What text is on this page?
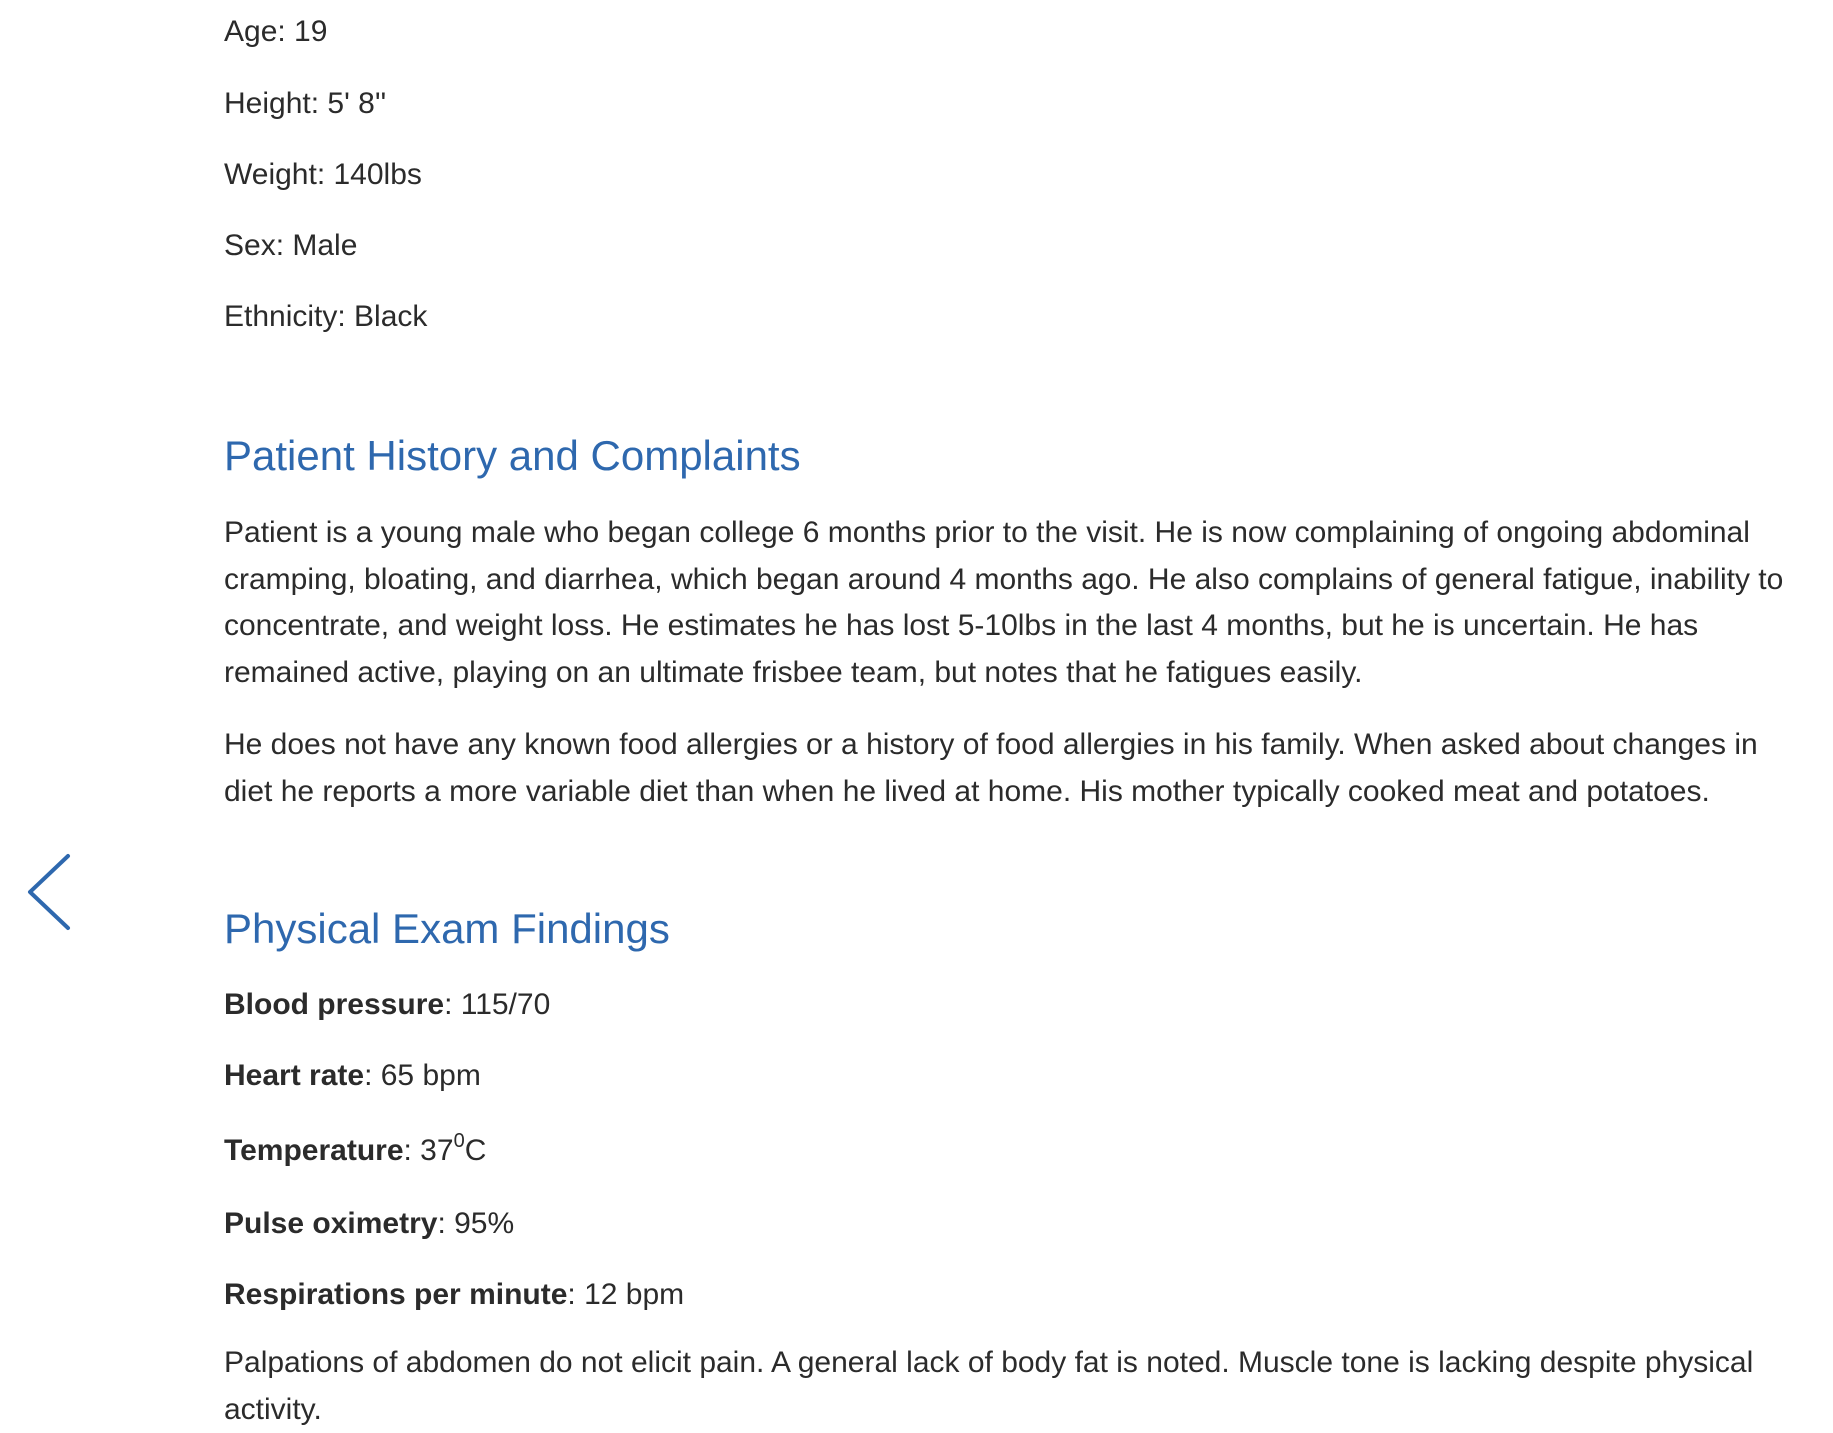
Age: 19

Height: 5' 8''

Weight: 140lbs

Sex: Male

Ethnicity: Black

Patient History and Complaints

Patient is a young male who began college 6 months prior to the visit. He is now complaining of ongoing abdominal cramping, bloating, and diarrhea, which began around 4 months ago. He also complains of general fatigue, inability to concentrate, and weight loss. He estimates he has lost 5-10lbs in the last 4 months, but he is uncertain. He has remained active, playing on an ultimate frisbee team, but notes that he fatigues easily.

He does not have any known food allergies or a history of food allergies in his family. When asked about changes in diet he reports a more variable diet than when he lived at home. His mother typically cooked meat and potatoes.

Physical Exam Findings

Blood pressure: 115/70

Heart rate: 65 bpm

Temperature: $37^0C$

Pulse oximetry: 95%

Respirations per minute: 12 bpm

Palpations of abdomen do not elicit pain. A general lack of body fat is noted. Muscle tone is lacking despite physical activity.
